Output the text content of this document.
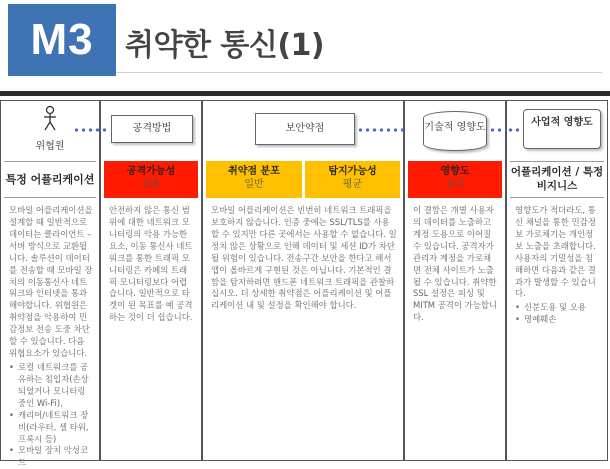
M3	취약한 통신(1)
위협원
특정 어플리케이션
모바일 어플리케이션을 설계할 때 일반적으로 데이터는 클라이언트 – 서버 방식으로 교환됩니다. 솔루션이 데이터를 전송할 때 모바일 장치의 이동통신사 네트워크와 인터넷을 통과해야합니다. 위협원은 취약점을 악용하여 민감정보 전송 도중 차단할 수 있습니다. 다음 위협요소가 있습니다.
• 로컬 네트워크를 공유하는 침입자(손상되었거나 모니터링중인 Wi-Fi),
• 캐리어/네트워크 장비(라우터, 셀 타워, 프록시 등)
• 모바일 장치 악성코드
공격방법
공격가능성
쉬움
안전하지 않은 통신 범위에 대한 네트워크 모니터링의 악용 가능한 요소, 이동 통신사 네트워크를 통한 트래픽 모니터링은 카페의 트래픽 모니터링보다 어렵습니다. 일반적으로 타겟이 된 목표를 예 공격하는 것이 더 쉽습니다.
보안약점
취약점 분포
일반
탐지가능성
평균
모바일 어플리케이션은 빈번히 네트워크 트래픽을 보호하지 않습니다. 인증 중에는 SSL/TLS를 사용할 수 있지만 다른 곳에서는 사용할 수 없습니다. 일정치 않은 상황으로 인해 데이터 및 세션 ID가 차단될 위험이 있습니다. 전송구간 보안을 한다고 해서 앱이 올바르게 구현된 것은 아닙니다. 기본적인 결함을 탐지하려면 핸드폰 네트워크 트래픽을 관찰하십시오. 더 상세한 취약점은 어플리케이션 및 어플리케이션 내 및 설정을 확인해야 합니다.
기술적 영향도
영향도
심각
이 결함은 개별 사용자의 데이터를 노출하고 계정 도용으로 이어질 수 있습니다. 공격자가 관리자 계정을 가로채면 전체 사이트가 노출될 수 있습니다. 취약한 SSL 설정은 피싱 및 MITM 공격이 가능합니다.
사업적 영향도
어플리케이션 / 특정 비지니스
영향도가 적더라도, 통신 채널을 통한 민감정보 가로채기는 개인정보 노출을 초래합니다. 사용자의 기밀성을 침해하면 다음과 같은 결과가 발생할 수 있습니다.
• 신분도용 및 오용
• 명예훼손
